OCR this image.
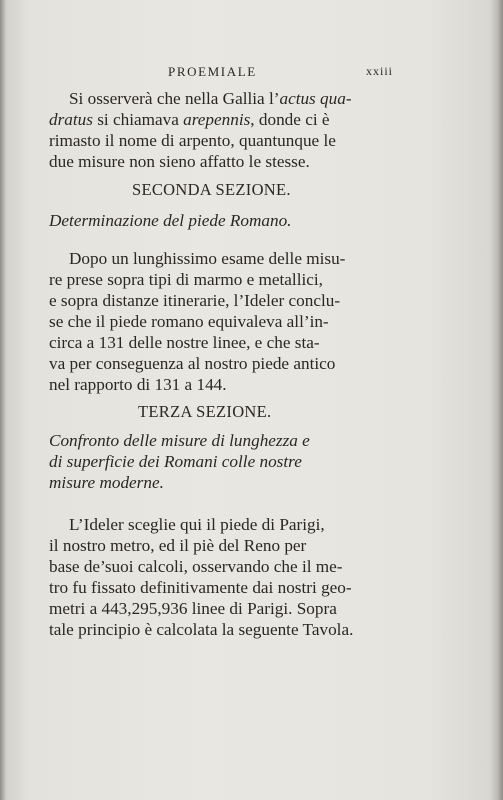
PROEMIALE	xxiii
Si osserverà che nella Gallia l’actus qua-
dratus si chiamava arepennis, donde ci è
rimasto il nome di arpento, quantunque le
due misure non sieno affatto le stesse.
SECONDA SEZIONE.
Determinazione del piede Romano.
Dopo un lunghissimo esame delle misu-
re prese sopra tipi di marmo e metallici,
e sopra distanze itinerarie, l’Ideler conclu-
se che il piede romano equivaleva all’in-
circa a 131 delle nostre linee, e che sta-
va per conseguenza al nostro piede antico
nel rapporto di 131 a 144.
TERZA SEZIONE.
Confronto delle misure di lunghezza e
di superficie dei Romani colle nostre
misure moderne.
L’Ideler sceglie qui il piede di Parigi,
il nostro metro, ed il piè del Reno per
base de’suoi calcoli, osservando che il me-
tro fu fissato definitivamente dai nostri geo-
metri a 443,295,936 linee di Parigi. Sopra
tale principio è calcolata la seguente Tavola.
